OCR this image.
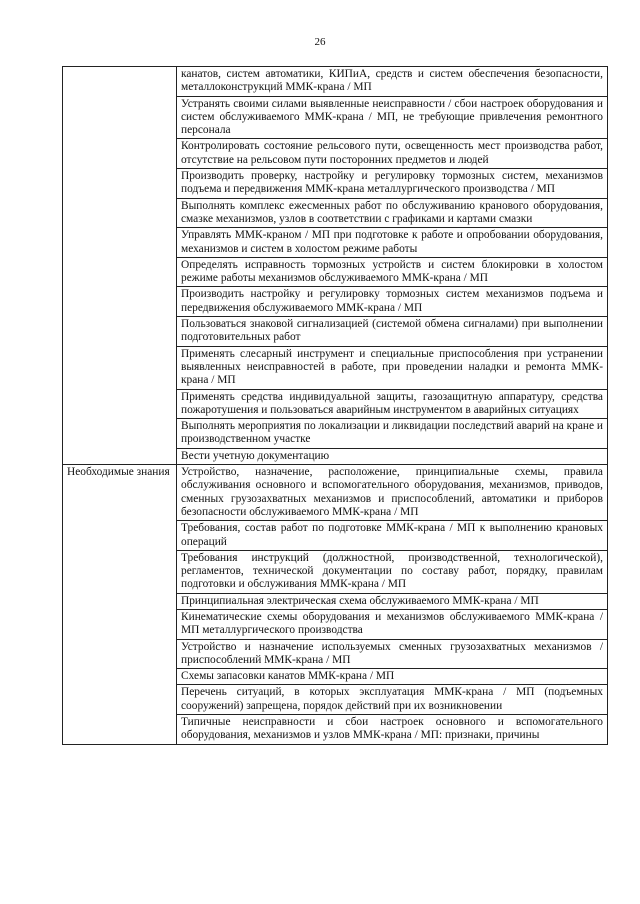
26
	канатов, систем автоматики, КИПиА, средств и систем обеспечения безопасности, металлоконструкций ММК-крана / МП
	Устранять своими силами выявленные неисправности / сбои настроек оборудования и систем обслуживаемого ММК-крана / МП, не требующие привлечения ремонтного персонала
	Контролировать состояние рельсового пути, освещенность мест производства работ, отсутствие на рельсовом пути посторонних предметов и людей
	Производить проверку, настройку и регулировку тормозных систем, механизмов подъема и передвижения ММК-крана металлургического производства / МП
	Выполнять комплекс ежесменных работ по обслуживанию кранового оборудования, смазке механизмов, узлов в соответствии с графиками и картами смазки
	Управлять ММК-краном / МП при подготовке к работе и опробовании оборудования, механизмов и систем в холостом режиме работы
	Определять исправность тормозных устройств и систем блокировки в холостом режиме работы механизмов обслуживаемого ММК-крана / МП
	Производить настройку и регулировку тормозных систем механизмов подъема и передвижения обслуживаемого ММК-крана / МП
	Пользоваться знаковой сигнализацией (системой обмена сигналами) при выполнении подготовительных работ
	Применять слесарный инструмент и специальные приспособления при устранении выявленных неисправностей в работе, при проведении наладки и ремонта ММК-крана / МП
	Применять средства индивидуальной защиты, газозащитную аппаратуру, средства пожаротушения и пользоваться аварийным инструментом в аварийных ситуациях
	Выполнять мероприятия по локализации и ликвидации последствий аварий на кране и производственном участке
	Вести учетную документацию

Необходимые знания	Устройство, назначение, расположение, принципиальные схемы, правила обслуживания основного и вспомогательного оборудования, механизмов, приводов, сменных грузозахватных механизмов и приспособлений, автоматики и приборов безопасности обслуживаемого ММК-крана / МП
	Требования, состав работ по подготовке ММК-крана / МП к выполнению крановых операций
	Требования инструкций (должностной, производственной, технологической), регламентов, технической документации по составу работ, порядку, правилам подготовки и обслуживания ММК-крана / МП
	Принципиальная электрическая схема обслуживаемого ММК-крана / МП
	Кинематические схемы оборудования и механизмов обслуживаемого ММК-крана / МП металлургического производства
	Устройство и назначение используемых сменных грузозахватных механизмов / приспособлений ММК-крана / МП
	Схемы запасовки канатов ММК-крана / МП
	Перечень ситуаций, в которых эксплуатация ММК-крана / МП (подъемных сооружений) запрещена, порядок действий при их возникновении
	Типичные неисправности и сбои настроек основного и вспомогательного оборудования, механизмов и узлов ММК-крана / МП: признаки, причины
